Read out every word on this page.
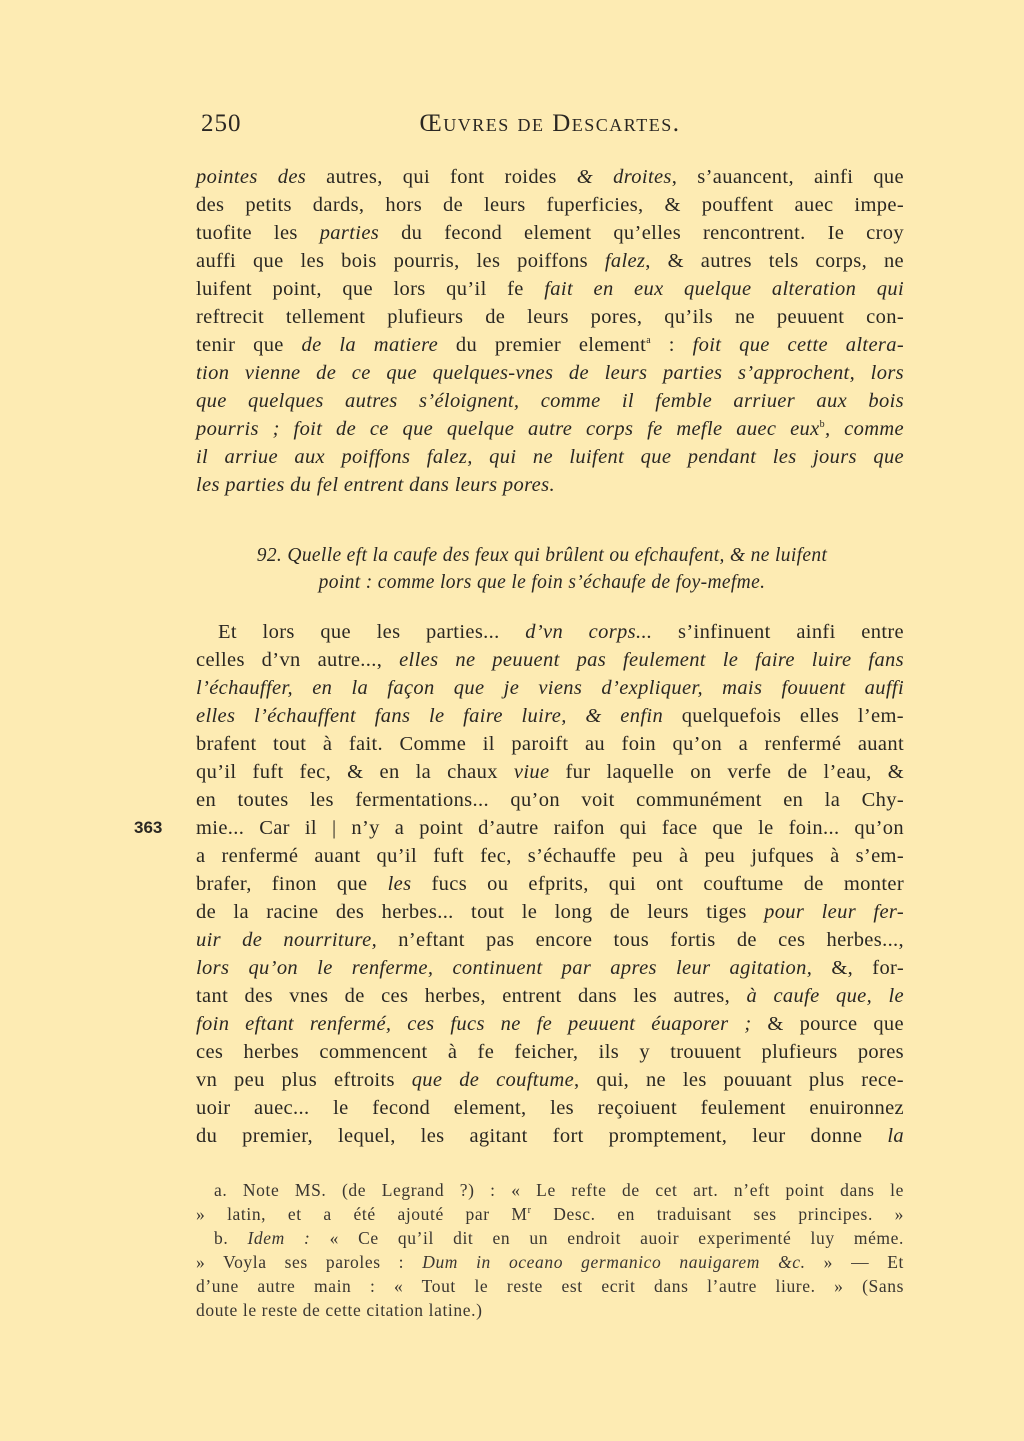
250	Œuvres de Descartes.
pointes des autres, qui font roides & droites, s’auancent, ainfi que
des petits dards, hors de leurs fuperficies, & pouffent auec impe-
tuofite les parties du fecond element qu’elles rencontrent. Ie croy
auffi que les bois pourris, les poiffons falez, & autres tels corps, ne
luifent point, que lors qu’il fe fait en eux quelque alteration qui
reftrecit tellement plufieurs de leurs pores, qu’ils ne peuuent con-
tenir que de la matiere du premier element$^a$ : foit que cette altera-
tion vienne de ce que quelques-vnes de leurs parties s’approchent, lors
que quelques autres s’éloignent, comme il femble arriuer aux bois
pourris ; foit de ce que quelque autre corps fe mefle auec eux$^b$, comme
il arriue aux poiffons falez, qui ne luifent que pendant les jours que
les parties du fel entrent dans leurs pores.
92. Quelle eft la caufe des feux qui brûlent ou efchaufent, & ne luifent
point : comme lors que le foin s’échaufe de foy-mefme.
Et lors que les parties... d’vn corps... s’infinuent ainfi entre
celles d’vn autre..., elles ne peuuent pas feulement le faire luire fans
l’échauffer, en la façon que je viens d’expliquer, mais fouuent auffi
elles l’échauffent fans le faire luire, & enfin quelquefois elles l’em-
brafent tout à fait. Comme il paroift au foin qu’on a renfermé auant
qu’il fuft fec, & en la chaux viue fur laquelle on verfe de l’eau, &
en toutes les fermentations... qu’on voit communément en la Chy-
mie... Car il | n’y a point d’autre raifon qui face que le foin... qu’on
a renfermé auant qu’il fuft fec, s’échauffe peu à peu jufques à s’em-
brafer, finon que les fucs ou efprits, qui ont couftume de monter
de la racine des herbes... tout le long de leurs tiges pour leur fer-
uir de nourriture, n’eftant pas encore tous fortis de ces herbes...,
lors qu’on le renferme, continuent par apres leur agitation, &, for-
tant des vnes de ces herbes, entrent dans les autres, à caufe que, le
foin eftant renfermé, ces fucs ne fe peuuent éuaporer ; & pource que
ces herbes commencent à fe feicher, ils y trouuent plufieurs pores
vn peu plus eftroits que de couftume, qui, ne les pouuant plus rece-
uoir auec... le fecond element, les reçoiuent feulement enuironnez
du premier, lequel, les agitant fort promptement, leur donne la
363
a. Note MS. (de Legrand ?) : « Le refte de cet art. n’eft point dans le
» latin, et a été ajouté par $M^r$ Desc. en traduisant ses principes. »
b. Idem : « Ce qu’il dit en un endroit auoir experimenté luy méme.
» Voyla ses paroles : Dum in oceano germanico nauigarem &c. » — Et
d’une autre main : « Tout le reste est ecrit dans l’autre liure. » (Sans
doute le reste de cette citation latine.)
